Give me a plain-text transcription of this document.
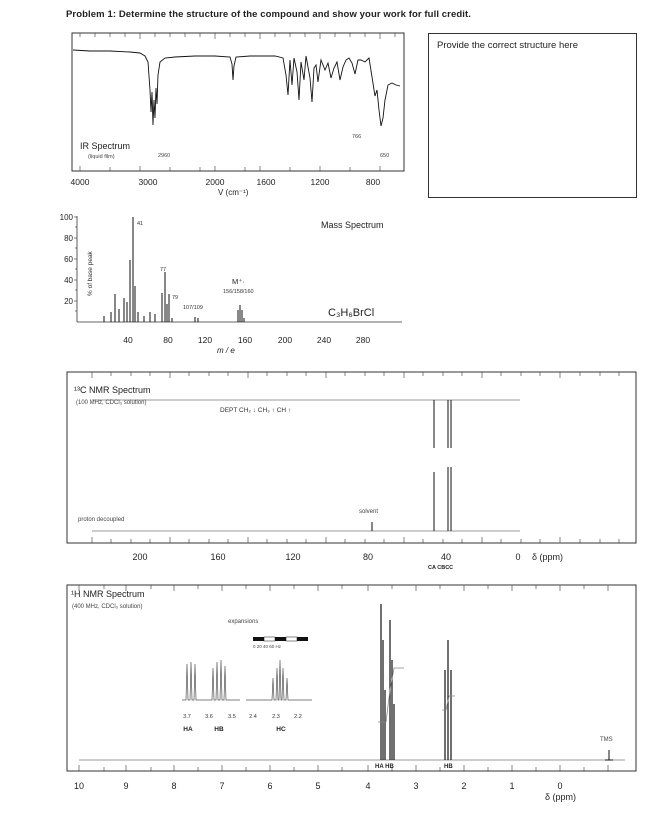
Problem 1: Determine the structure of the compound and show your work for full credit.
Provide the correct structure here
IR Spectrum
(liquid film)	2960
766
650
4000	3000	2000	1600	1200	800
V (cm⁻¹)
100
80
60
40
20
% of base peak
41
77
79
107/109
M⁺·
156/158/160
Mass Spectrum
C₃H₆BrCl
40	80	120	160	200	240	280
m / e
¹³C NMR Spectrum
(100 MHz, CDCl₃ solution)
DEPT CH₂ ↓ CH₃ ↑ CH ↑
proton decoupled
solvent
200	160	120	80	40	0 δ (ppm)
CA CBCC
¹H NMR Spectrum
(400 MHz, CDCl₃ solution)
expansions
0 20 40 60 Hz
3.7	3.6	3.5 2.4	2.3	2.2
HA	HB	HC
TMS
HA HB	HB
10	9	8	7	6	5	4	3	2	1	0
δ (ppm)
